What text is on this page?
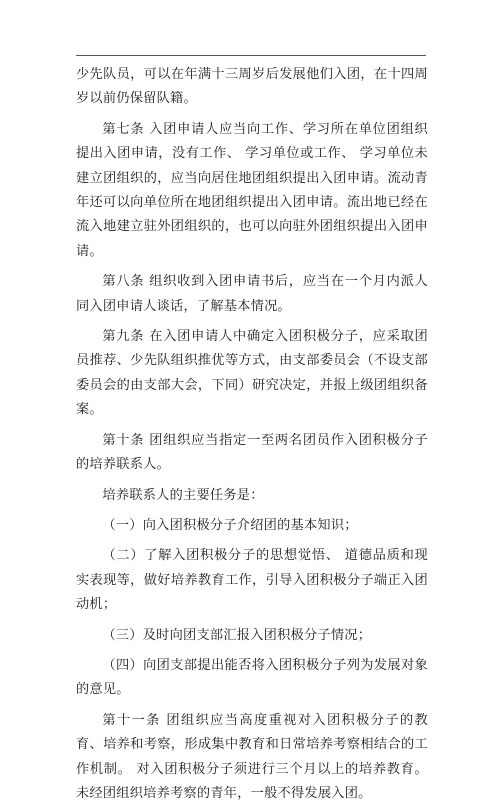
少先队员，可以在年满十三周岁后发展他们入团，在十四周岁以前仍保留队籍。

第七条 入团申请人应当向工作、学习所在单位团组织提出入团申请，没有工作、 学习单位或工作、 学习单位未建立团组织的，应当向居住地团组织提出入团申请。流动青年还可以向单位所在地团组织提出入团申请。流出地已经在流入地建立驻外团组织的，也可以向驻外团组织提出入团申请。

第八条 组织收到入团申请书后，应当在一个月内派人同入团申请人谈话，了解基本情况。

第九条 在入团申请人中确定入团积极分子，应采取团员推荐、少先队组织推优等方式，由支部委员会（不设支部委员会的由支部大会，下同）研究决定，并报上级团组织备案。

第十条 团组织应当指定一至两名团员作入团积极分子的培养联系人。

培养联系人的主要任务是：

（一）向入团积极分子介绍团的基本知识；

（二）了解入团积极分子的思想觉悟、 道德品质和现实表现等，做好培养教育工作，引导入团积极分子端正入团动机；

（三）及时向团支部汇报入团积极分子情况；

（四）向团支部提出能否将入团积极分子列为发展对象的意见。

第十一条 团组织应当高度重视对入团积极分子的教育、培养和考察，形成集中教育和日常培养考察相结合的工作机制。 对入团积极分子须进行三个月以上的培养教育。 未经团组织培养考察的青年，一般不得发展入团。
